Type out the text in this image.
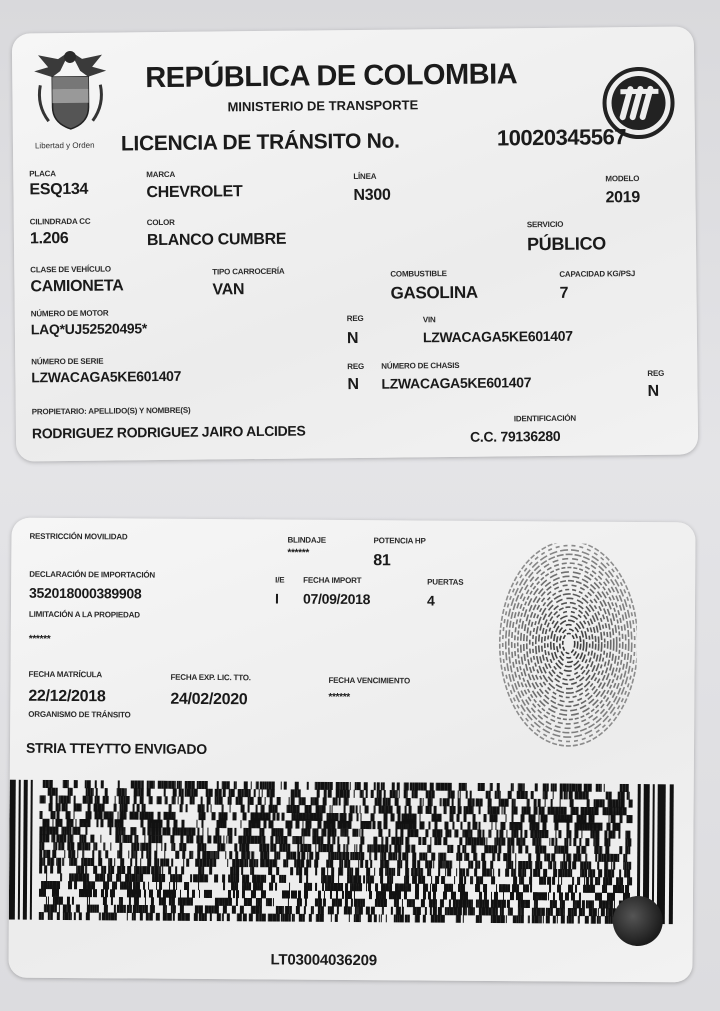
Libertad y Orden
REPÚBLICA DE COLOMBIA
MINISTERIO DE TRANSPORTE
LICENCIA DE TRÁNSITO No.	10020345567
PLACA
ESQ134
MARCA
CHEVROLET
LÍNEA
N300
MODELO
2019
CILINDRADA CC
1.206
COLOR
BLANCO CUMBRE
SERVICIO
PÚBLICO
CLASE DE VEHÍCULO
CAMIONETA
TIPO CARROCERÍA
VAN
COMBUSTIBLE
GASOLINA
CAPACIDAD KG/PSJ
7
NÚMERO DE MOTOR
LAQ*UJ52520495*
REG
N
VIN
LZWACAGA5KE601407
NÚMERO DE SERIE
LZWACAGA5KE601407
REG
N
NÚMERO DE CHASIS
LZWACAGA5KE601407
REG
N
PROPIETARIO: APELLIDO(S) Y NOMBRE(S)
RODRIGUEZ RODRIGUEZ JAIRO ALCIDES
IDENTIFICACIÓN
C.C. 79136280
RESTRICCIÓN MOVILIDAD	BLINDAJE
******
POTENCIA HP
81
DECLARACIÓN DE IMPORTACIÓN
352018000389908
I/E
I
FECHA IMPORT
07/09/2018
PUERTAS
4
LIMITACIÓN A LA PROPIEDAD
******
FECHA MATRÍCULA
22/12/2018
FECHA EXP. LIC. TTO.
24/02/2020
FECHA VENCIMIENTO
******
ORGANISMO DE TRÁNSITO
STRIA TTEYTTO ENVIGADO
LT03004036209
